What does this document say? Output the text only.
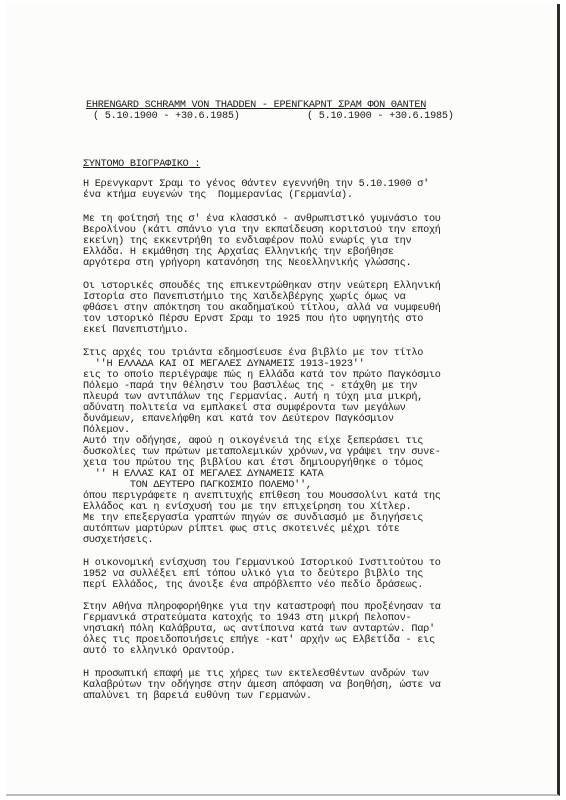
EHRENGARD SCHRAMM VON THADDEN - ΕΡΕΝΓΚΑΡΝΤ ΣΡΑΜ ΦΟΝ ΘΑΝΤΕΝ
( 5.10.1900 - +30.6.1985)	( 5.10.1900 - +30.6.1985)
ΣΥΝΤΟΜΟ ΒΙΟΓΡΑΦΙΚΟ :
Η Ερενγκαρντ Σραμ το γένος Θάντεν εγεννήθη την 5.10.1900 σ'
ένα κτήμα ευγενών της  Πομμερανίας (Γερμανία).
Με τη φοίτησή της σ' ένα κλασσικό - ανθρωπιστικό γυμνάσιο του
Βερολίνου (κάτι σπάνιο για την εκπαίδευση κοριτσιού την εποχή
εκείνη) της εκκεντρήθη το ενδιαφέρον πολύ ενωρίς για την
Ελλάδα. Η εκμάθηση της Αρχαίας Ελληνικής την εβοήθησε
αργότερα στη γρήγορη κατανόηση της Νεοελληνικής γλώσσης.
Οι ιστορικές σπουδές της επικεντρώθηκαν στην νεώτερη Ελληνική
Ιστορία στο Πανεπιστήμιο της Χαιδελβέργης χωρίς όμως να
φθάσει στην απόκτηση του ακαδημαϊκού τίτλου, αλλά να νυμφευθή
τον ιστορικό Πέρσυ Ερνστ Σραμ το 1925 που ήτο υφηγητής στο
εκεί Πανεπιστήμιο.
Στις αρχές του τριάντα εδημοσίευσε ένα βιβλίο με τον τίτλο
''Η ΕΛΛΑΔΑ ΚΑΙ ΟΙ ΜΕΓΑΛΕΣ ΔΥΝΑΜΕΙΣ 1913-1923''
εις το οποίο περιέγραψε πώς η Ελλάδα κατά τον πρώτο Παγκόσμιο
Πόλεμο -παρά την θέλησιν του βασιλέως της - ετάχθη με την
πλευρά των αντιπάλων της Γερμανίας. Αυτή η τύχη μια μικρή,
αδύνατη πολιτεία να εμπλακεί στα συμφέροντα των μεγάλων
δυνάμεων, επανελήφθη και κατά τον Δεύτερον Παγκόσμιον
Πόλεμον.
Αυτό την οδήγησε, αφού η οικογένειά της είχε ξεπεράσει τις
δυσκολίες των πρώτων μεταπολεμικών χρόνων,να γράψει την συνε-
χεια του πρώτου της βιβλίου και έτσι δημιουργήθηκε ο τόμος
'' Η ΕΛΛΑΣ ΚΑΙ ΟΙ ΜΕΓΑΛΕΣ ΔΥΝΑΜΕΙΣ ΚΑΤΑ
ΤΟΝ ΔΕΥΤΕΡΟ ΠΑΓΚΟΣΜΙΟ ΠΟΛΕΜΟ'',
όπου περιγράφετε η ανεπιτυχής επίθεση του Μουσσολίνι κατά της
Ελλάδος και η ενίσχυσή του με την επιχείρηση του Χίτλερ.
Με την επεξεργασία γραπτών πηγών σε συνδιασμό με διηγήσεις
αυτόπτων μαρτύρων ρίπτει φως στις σκοτεινές μέχρι τότε
συσχετήσεις.
Η οικονομική ενίσχυση του Γερμανικού Ιστορικού Ινστιτούτου το
1952 να συλλέξει επί τόπου υλικό για το δεύτερο βιβλίο της
περί Ελλάδος, της άνοιξε ένα απρόβλεπτο νέο πεδίο δράσεως.
Στην Αθήνα πληροφορήθηκε για την καταστροφή που προξένησαν τα
Γερμανικά στρατεύματα κατοχής το 1943 στη μικρή Πελοπον-
νησιακή πόλη Καλάβρυτα, ως αντίποινα κατά των ανταρτών. Παρ'
όλες τις προειδοποιήσεις επήγε -κατ' αρχήν ως Ελβετίδα - εις
αυτό το ελληνικό Οραντούρ.
Η προσωπική επαφή με τις χήρες των εκτελεσθέντων ανδρών των
Καλαβρύτων την οδήγησε στην άμεση απόφαση να βοηθήση, ώστε να
απαλύνει τη βαρειά ευθύνη των Γερμανών.
